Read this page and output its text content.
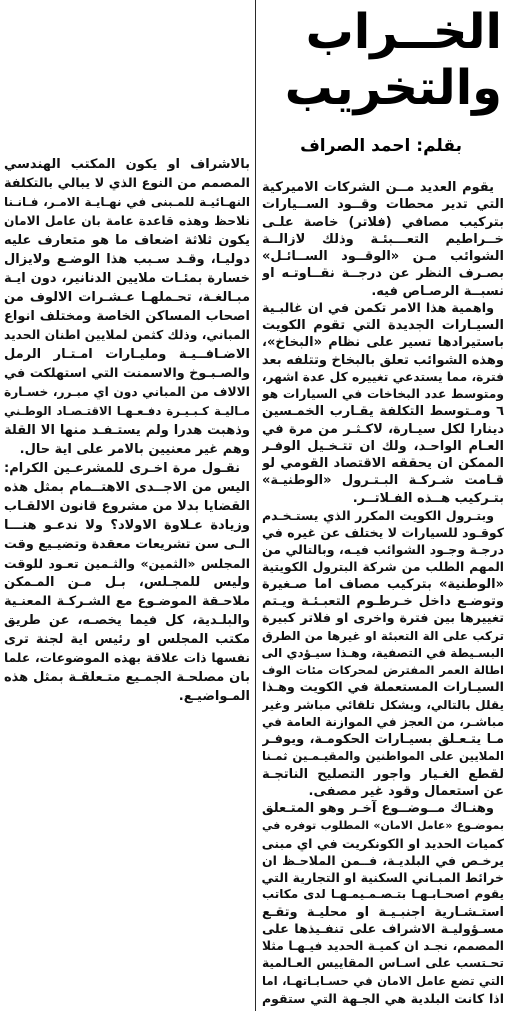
الخــراب
والتخريب
بقلم: احمد الصراف
يقوم العديد مــن الشركات الاميركية
التي تدير محطات وقــود الســيارات
بتركيب مصافي (فلاتر) خاصة علـى
خــراطيم التعـــبئـة وذلك لازالــة
الشوائب مـن «الوقــود الســائـل»
بصـرف النظر عن درجــة نقــاوتـه او
نسبــة الرصـاص فيه.
واهمية هذا الامر تكمن في ان غالبـية
السيـارات الجديدة التي تقوم الكويت
باستيرادها تسير على نظام «البخاخ»،
وهذه الشوائب تعلق بالبخاخ وتتلفه بعد
فترة، مما يستدعي تغييره كل عدة اشهر،
ومتوسط عدد البخاخات في السيارات هو
٦ ومـتوسط التكلفة يقـارب الخمـسين
دينارا لكل سيـارة، لاكـثـر من مرة في
العـام الواحـد، ولك ان تتـخـيل الوفـر
الممكن ان يحققه الاقتصاد القومي لو
قـامت شـركـة البـتـرول «الوطنيـة»
بتـركيب هــذه الفـلاتــر.
وبتـرول الكويت المكرر الذي يستـخـدم
كوقـود للسيارات لا يختلف عن غيره في
درجـة وجـود الشوائب فيـه، وبالتالي من
المهم الطلب من شركة البترول الكويتية
«الوطنية» بتركيب مصاف اما صـغيرة
وتوضـع داخل خـرطـوم التعبـئـة ويـتم
تغييرها بين فترة واخرى او فلاتر كبيرة
تركب على الة التعبئة او غيرها من الطرق
البسـيطة في التصفية، وهـذا سيـؤدي الى
اطالة العمر المفترض لمحركات مئات الوف
السيـارات المستعملة في الكويت وهـذا
يقلل بالتالي، وبشكل تلقائي مباشر وغير
مباشـر، من العجز في الموازنة العامة في
مـا يتـعـلق بسيـارات الحكومـة، ويوفـر
الملايين على المواطنين والمقيـمـين ثمـنا
لقطع الغـيار واجور التصليح الناتجـة
عن استعمال وقود غير مصفى.
وهنـاك مــوضــوع آخـر وهو المتـعلق
بموضـوع «عامل الامان» المطلوب توفره في
كميات الحديد او الكونكريت في اي مبنى
يرخـص في البلديـة، فــمن الملاحـظ ان
خرائط المبـاني السكنية او التجارية التي
يقوم اصحـابـهـا بتـصـمـيمـهـا لدى مكاتب
استـشـارية اجنبـيـة او محليـة وتقـع
مسـؤوليـة الاشراف على تنفـيذها على
المصمم، نجـد ان كميـة الحديد فيـهـا مثلا
تحـتسب على اسـاس المقاييس العـالمية
التي تضع عامل الامان في حسـابـاتهـا، اما
اذا كانت البلدية هي الجـهة التي ستقوم
بالاشراف او يكون المكتب الهندسي
المصمم من النوع الذي لا يبالي بالتكلفة
النهـائيـة للمـبنى في نهـايـة الامـر، فـانـنا
نلاحظ وهذه قاعدة عامة بان عامل الامان
يكون ثلاثة اضعاف ما هو متعارف عليه
دوليـا، وقـد سـبب هذا الوضـع ولايزال
خسارة بمئـات ملايين الدنانير، دون ايـة
مبـالغـة، تحـملهـا عـشـرات الالوف من
اصحاب المساكن الخاصة ومختلف انواع
المباني، وذلك كثمن لملايين اطنان الحديد
الاضـافــيـة ومليـارات امـتـار الرمل
والصـبـوخ والاسمنت التي استهلكت في
الالاف من المباني دون اي مبـرر، خسـارة
مـاليـة كـبـيـرة دفـعـهـا الاقتـصـاد الوطـني
وذهبت هدرا ولم يستـفـد منها الا القلة
وهم غير معنيين بالامر على اية حال.
نقـول مرة اخـرى للمشرعـين الكرام:
اليس من الاجــدى الاهتــمام بمثل هذه
القضايا بدلا من مشروع قانون الالقـاب
وزيادة عـلاوة الاولاد؟ ولا ندعـو هنـــا
الـى سن تشريعات معقدة وتضيـيع وقت
المجلس «الثمين» والثـمين تعـود للوقت
وليس للمجـلس، بـل مـن المـمكن
ملاحـقة الموضـوع مع الشـركـة المعنـية
والبلـدية، كل فيما يخصـه، عن طريق
مكتب المجلس او رئيس اية لجنة ترى
نفسها ذات علاقة بهذه الموضوعات، علما
بان مصلحـة الجمـيع متـعلقـة بمثل هذه
المـواضيـع.
